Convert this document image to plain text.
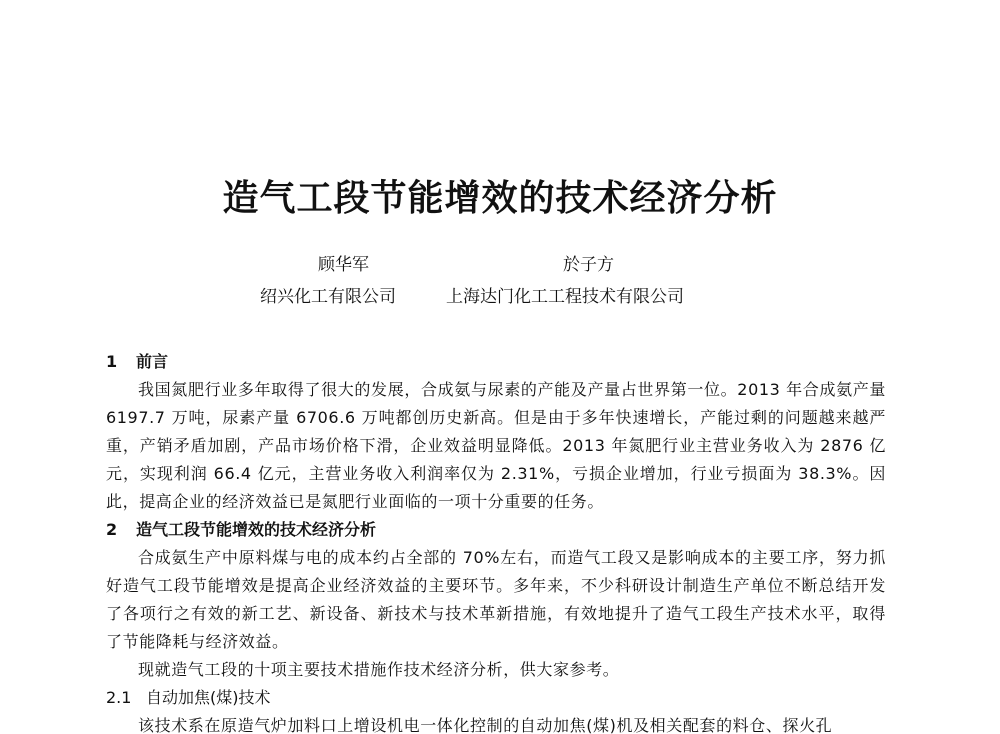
造气工段节能增效的技术经济分析
顾华军	於子方
绍兴化工有限公司	上海达门化工工程技术有限公司

1 前言

我国氮肥行业多年取得了很大的发展，合成氨与尿素的产能及产量占世界第一位。2013 年合成氨产量 6197.7 万吨，尿素产量 6706.6 万吨都创历史新高。但是由于多年快速增长，产能过剩的问题越来越严重，产销矛盾加剧，产品市场价格下滑，企业效益明显降低。2013 年氮肥行业主营业务收入为 2876 亿元，实现利润 66.4 亿元，主营业务收入利润率仅为 2.31%，亏损企业增加，行业亏损面为 38.3%。因此，提高企业的经济效益已是氮肥行业面临的一项十分重要的任务。

2 造气工段节能增效的技术经济分析

合成氨生产中原料煤与电的成本约占全部的 70%左右，而造气工段又是影响成本的主要工序，努力抓好造气工段节能增效是提高企业经济效益的主要环节。多年来，不少科研设计制造生产单位不断总结开发了各项行之有效的新工艺、新设备、新技术与技术革新措施，有效地提升了造气工段生产技术水平，取得了节能降耗与经济效益。

现就造气工段的十项主要技术措施作技术经济分析，供大家参考。

2.1 自动加焦(煤)技术

该技术系在原造气炉加料口上增设机电一体化控制的自动加焦(煤)机及相关配套的料仓、探火孔
